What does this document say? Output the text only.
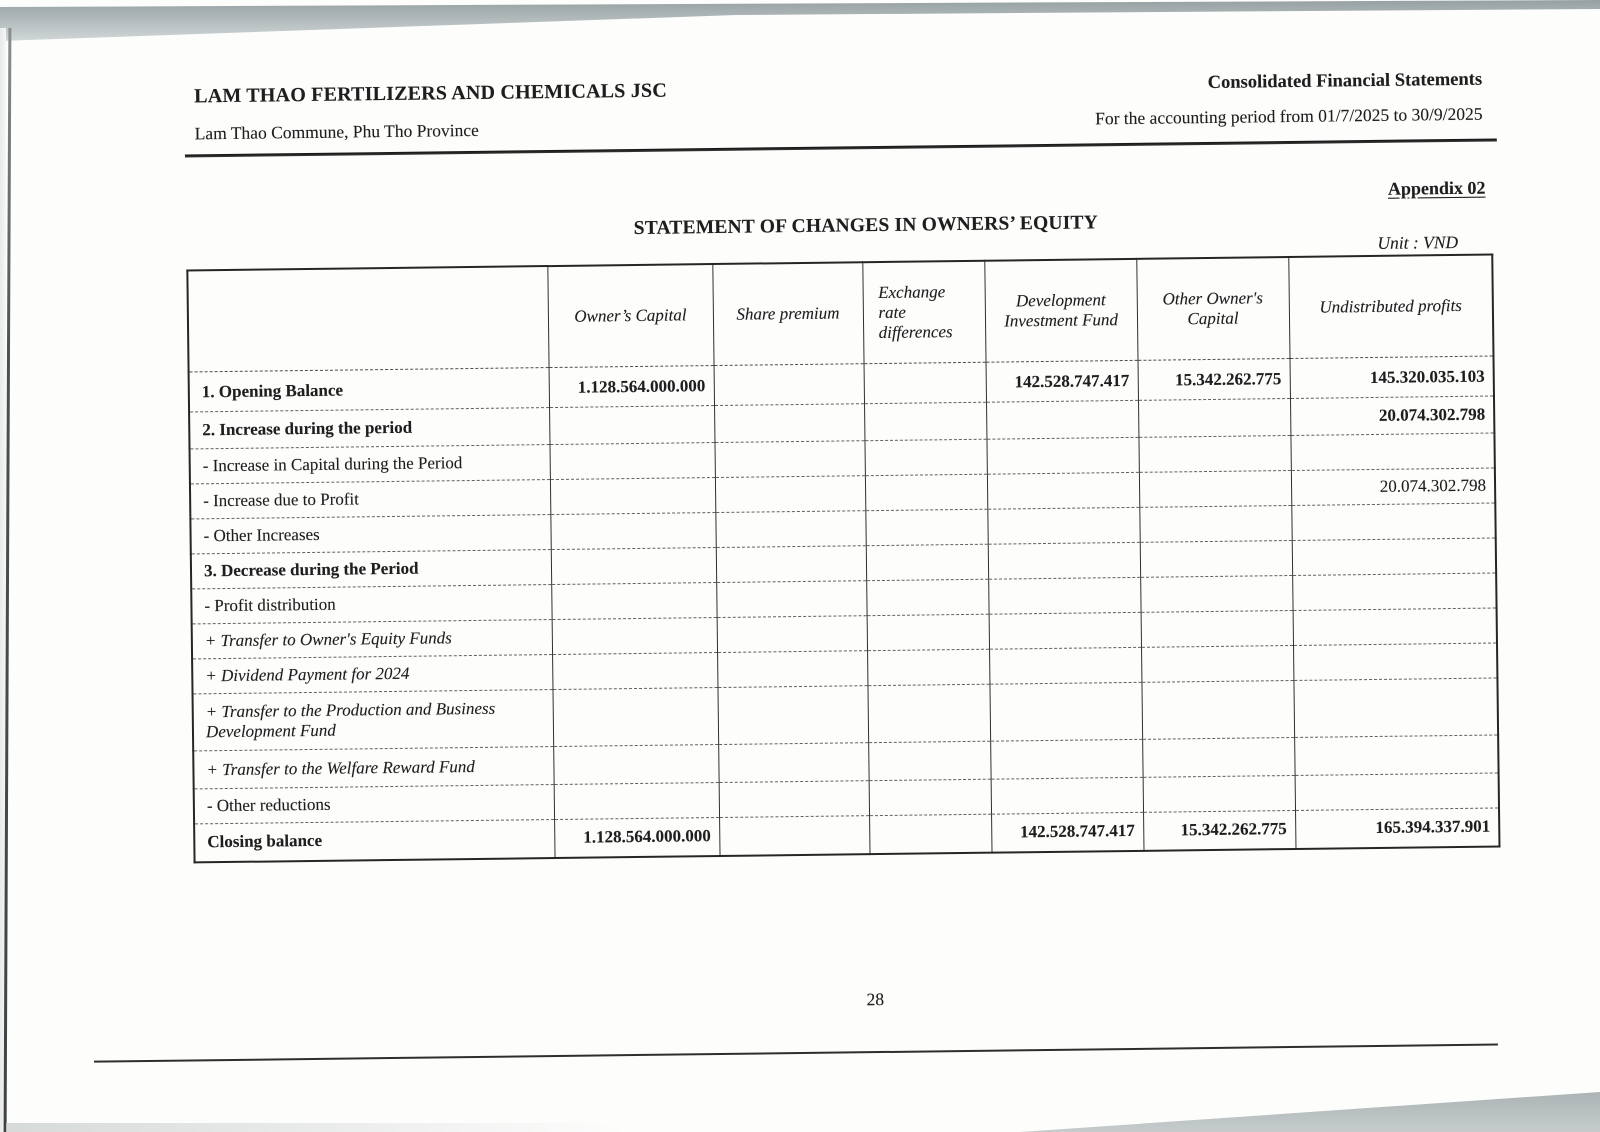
LAM THAO FERTILIZERS AND CHEMICALS JSC
Lam Thao Commune, Phu Tho Province
Consolidated Financial Statements
For the accounting period from 01/7/2025 to 30/9/2025
Appendix 02
STATEMENT OF CHANGES IN OWNERS’ EQUITY
Unit : VND
	Owner’s Capital	Share premium	Exchange rate differences	Development Investment Fund	Other Owner's Capital	Undistributed profits
1. Opening Balance	1.128.564.000.000			142.528.747.417	15.342.262.775	145.320.035.103
2. Increase during the period						20.074.302.798
- Increase in Capital during the Period						
- Increase due to Profit						20.074.302.798
- Other Increases						
3. Decrease during the Period						
- Profit distribution						
+ Transfer to Owner's Equity Funds						
+ Dividend Payment for 2024						
+ Transfer to the Production and Business Development Fund						
+ Transfer to the Welfare Reward Fund						
- Other reductions						
Closing balance	1.128.564.000.000			142.528.747.417	15.342.262.775	165.394.337.901
28
